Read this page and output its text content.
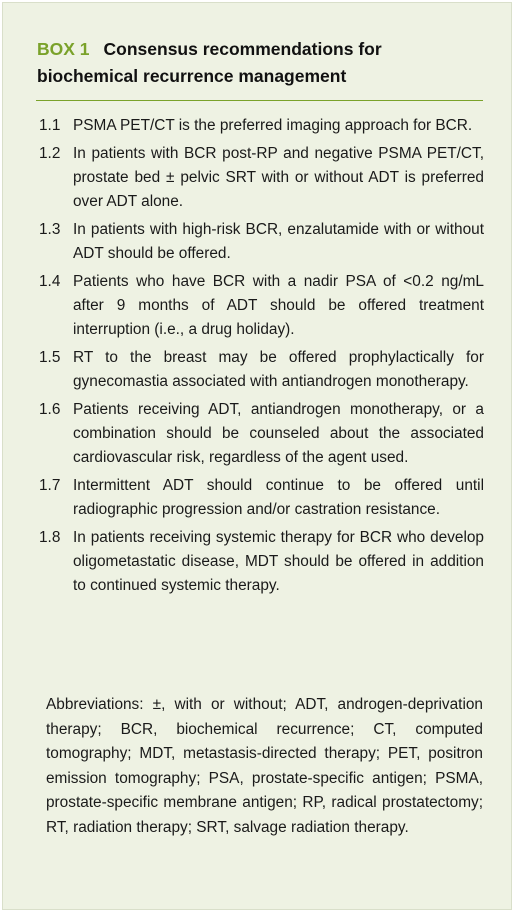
BOX 1 Consensus recommendations for biochemical recurrence management
1.1 PSMA PET/CT is the preferred imaging approach for BCR.
1.2 In patients with BCR post-RP and negative PSMA PET/CT, prostate bed ± pelvic SRT with or without ADT is preferred over ADT alone.
1.3 In patients with high-risk BCR, enzalutamide with or without ADT should be offered.
1.4 Patients who have BCR with a nadir PSA of <0.2 ng/mL after 9 months of ADT should be offered treatment interruption (i.e., a drug holiday).
1.5 RT to the breast may be offered prophylactically for gynecomastia associated with antiandrogen monotherapy.
1.6 Patients receiving ADT, antiandrogen monotherapy, or a combination should be counseled about the associated cardiovascular risk, regardless of the agent used.
1.7 Intermittent ADT should continue to be offered until radiographic progression and/or castration resistance.
1.8 In patients receiving systemic therapy for BCR who develop oligometastatic disease, MDT should be offered in addition to continued systemic therapy.

Abbreviations: ±, with or without; ADT, androgen-deprivation therapy; BCR, biochemical recurrence; CT, computed tomography; MDT, metastasis-directed therapy; PET, positron emission tomography; PSA, prostate-specific antigen; PSMA, prostate-specific membrane antigen; RP, radical prostatectomy; RT, radiation therapy; SRT, salvage radiation therapy.
